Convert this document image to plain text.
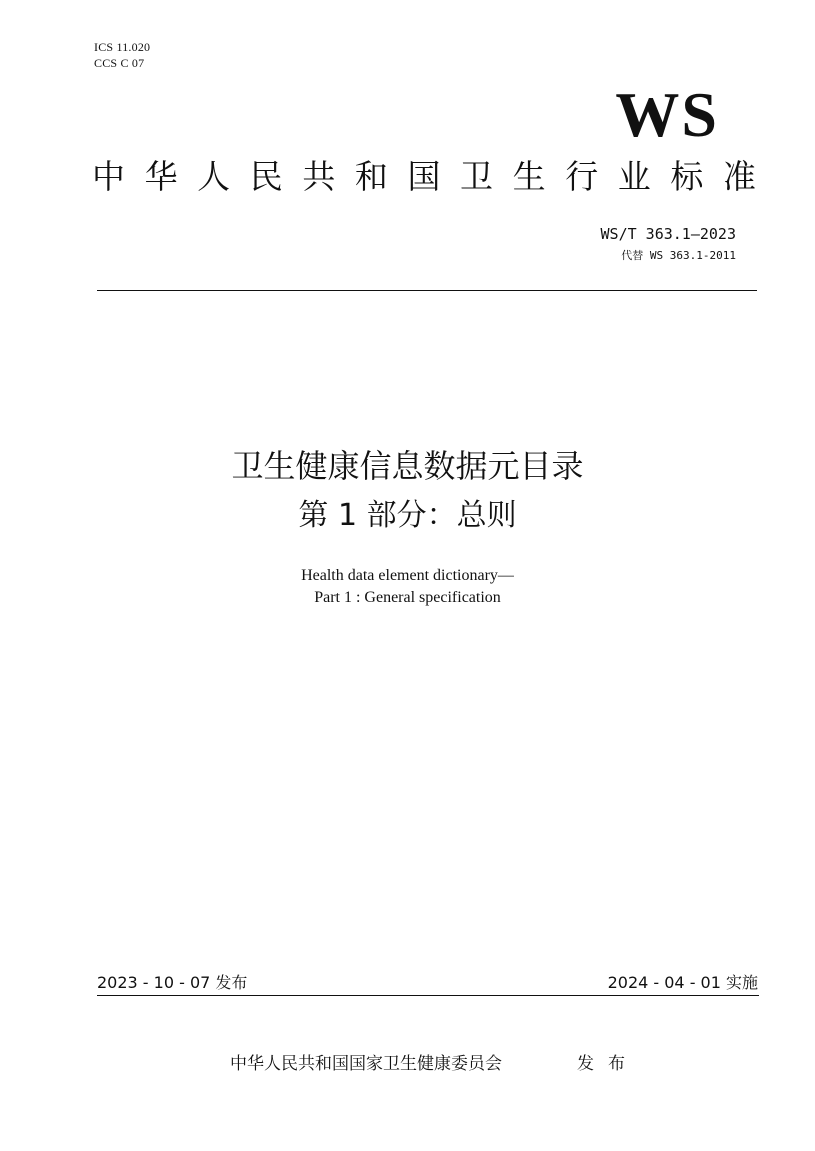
ICS 11.020
CCS C 07
WS
中 华 人 民 共 和 国 卫 生 行 业 标 准
WS/T 363.1—2023
代替 WS 363.1-2011
卫生健康信息数据元目录
第 1 部分：总则
Health data element dictionary—
Part 1 : General specification
2023 - 10 - 07 发布	2024 - 04 - 01 实施
中华人民共和国国家卫生健康委员会	发布
